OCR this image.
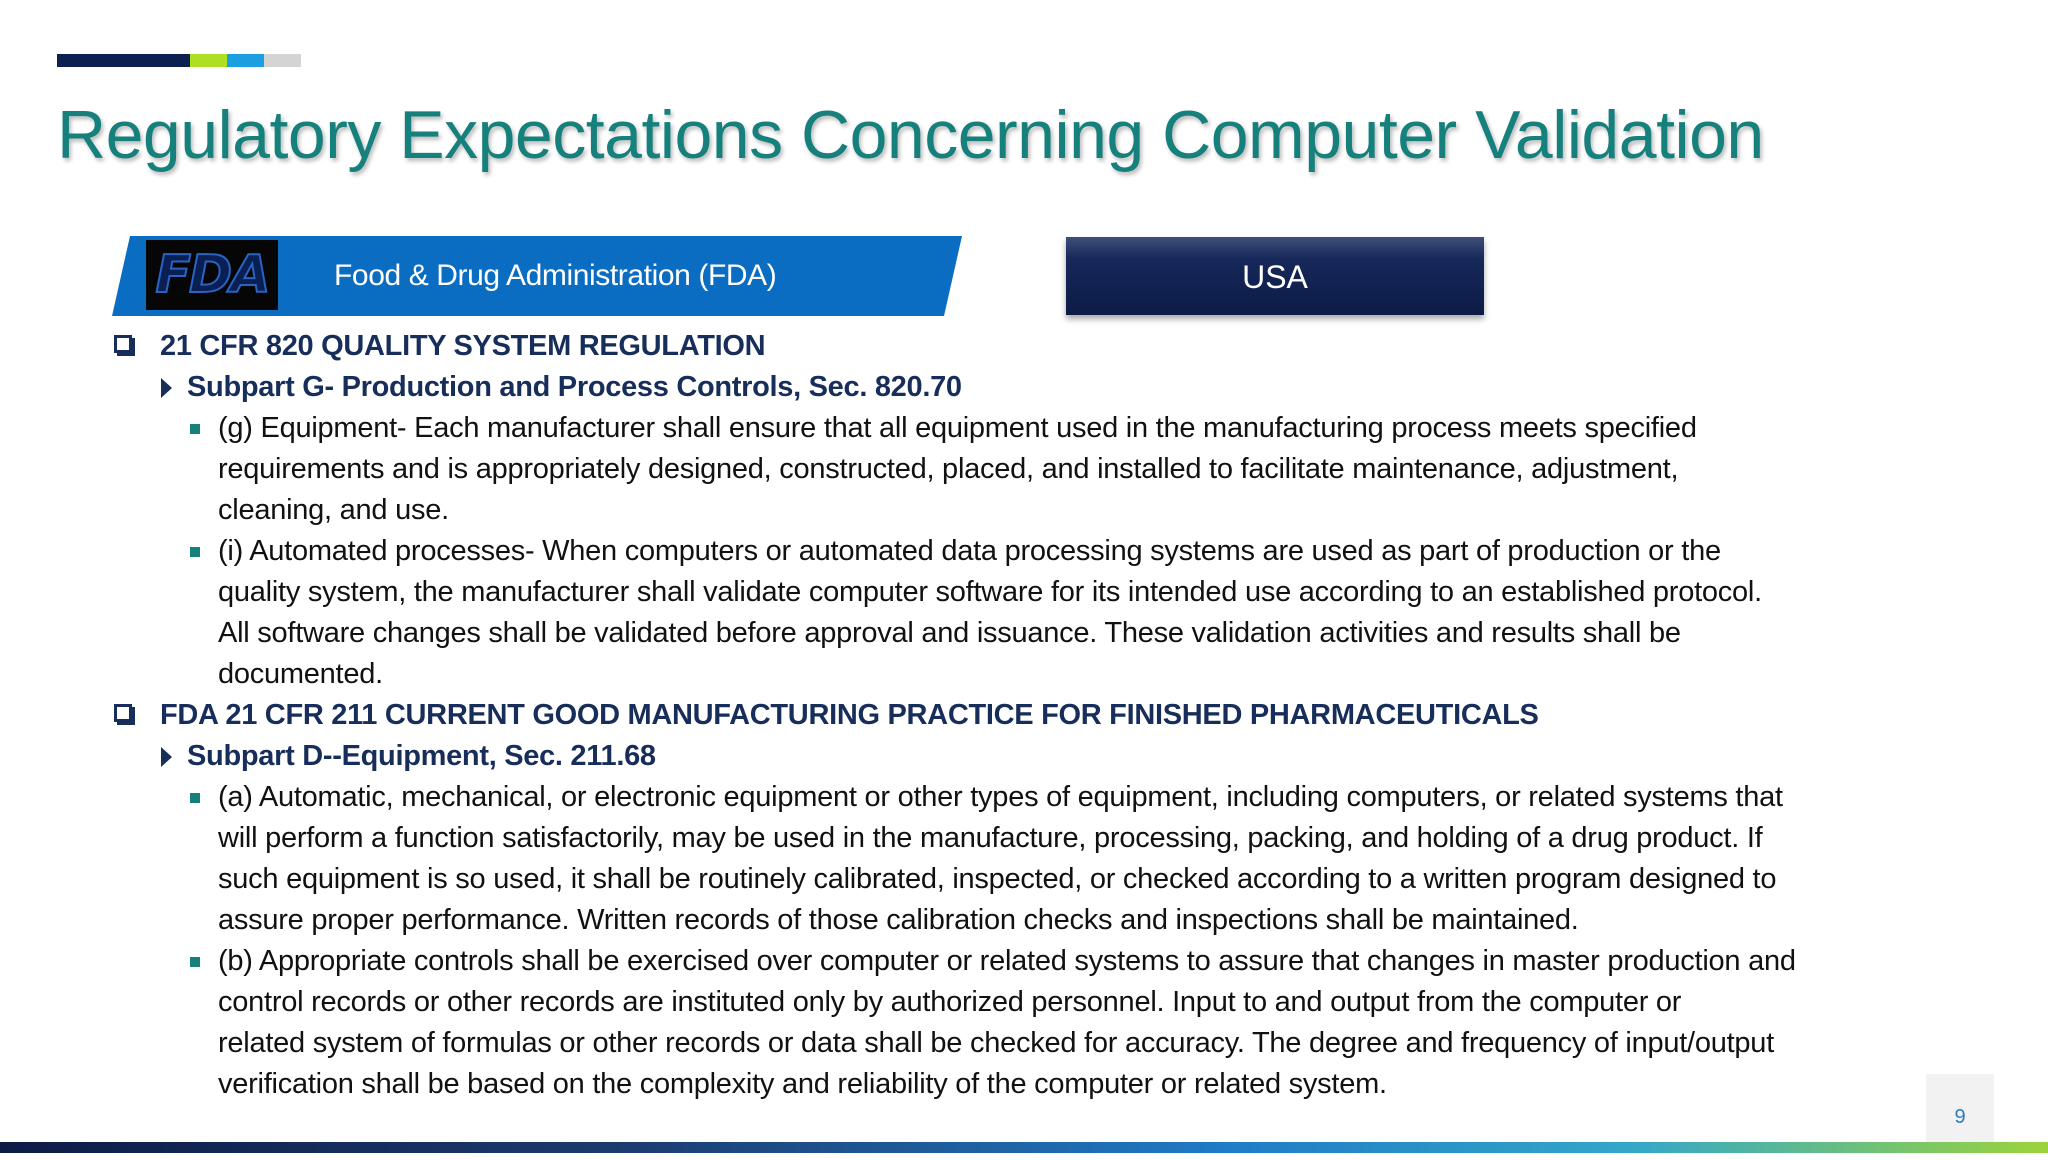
Regulatory Expectations Concerning Computer Validation
FDA Food & Drug Administration (FDA)	USA
21 CFR 820 QUALITY SYSTEM REGULATION
Subpart G- Production and Process Controls, Sec. 820.70

(g) Equipment- Each manufacturer shall ensure that all equipment used in the manufacturing process meets specified
requirements and is appropriately designed, constructed, placed, and installed to facilitate maintenance, adjustment,
cleaning, and use.

(i) Automated processes- When computers or automated data processing systems are used as part of production or the
quality system, the manufacturer shall validate computer software for its intended use according to an established protocol.
All software changes shall be validated before approval and issuance. These validation activities and results shall be
documented.

FDA 21 CFR 211 CURRENT GOOD MANUFACTURING PRACTICE FOR FINISHED PHARMACEUTICALS
Subpart D--Equipment, Sec. 211.68

(a) Automatic, mechanical, or electronic equipment or other types of equipment, including computers, or related systems that
will perform a function satisfactorily, may be used in the manufacture, processing, packing, and holding of a drug product. If
such equipment is so used, it shall be routinely calibrated, inspected, or checked according to a written program designed to
assure proper performance. Written records of those calibration checks and inspections shall be maintained.

(b) Appropriate controls shall be exercised over computer or related systems to assure that changes in master production and
control records or other records are instituted only by authorized personnel. Input to and output from the computer or
related system of formulas or other records or data shall be checked for accuracy. The degree and frequency of input/output
verification shall be based on the complexity and reliability of the computer or related system.

9
